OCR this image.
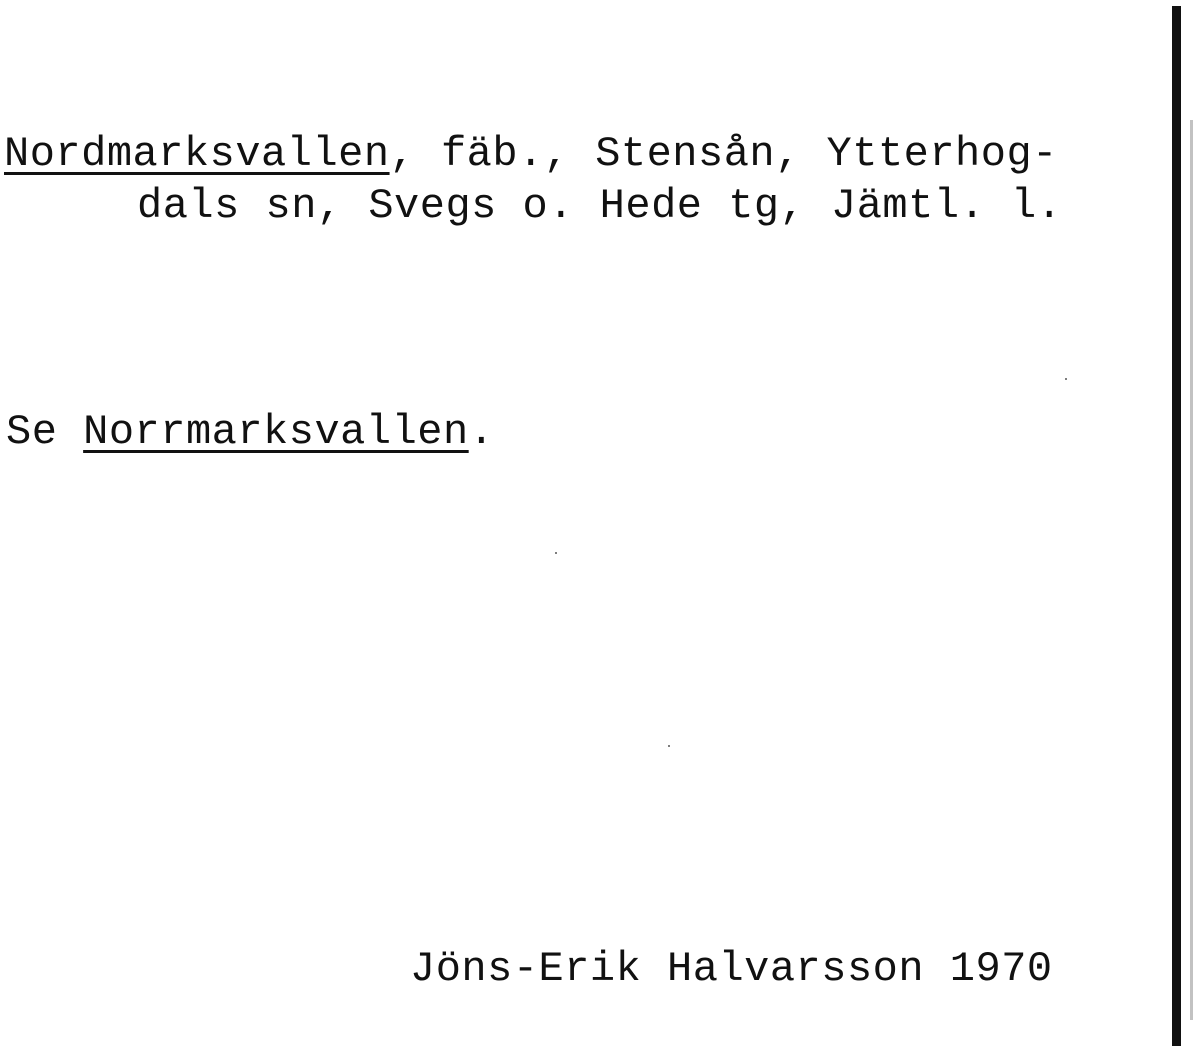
Nordmarksvallen, fäb., Stensån, Ytterhog-
dals sn, Svegs o. Hede tg, Jämtl. l.
Se Norrmarksvallen.
Jöns-Erik Halvarsson 1970
